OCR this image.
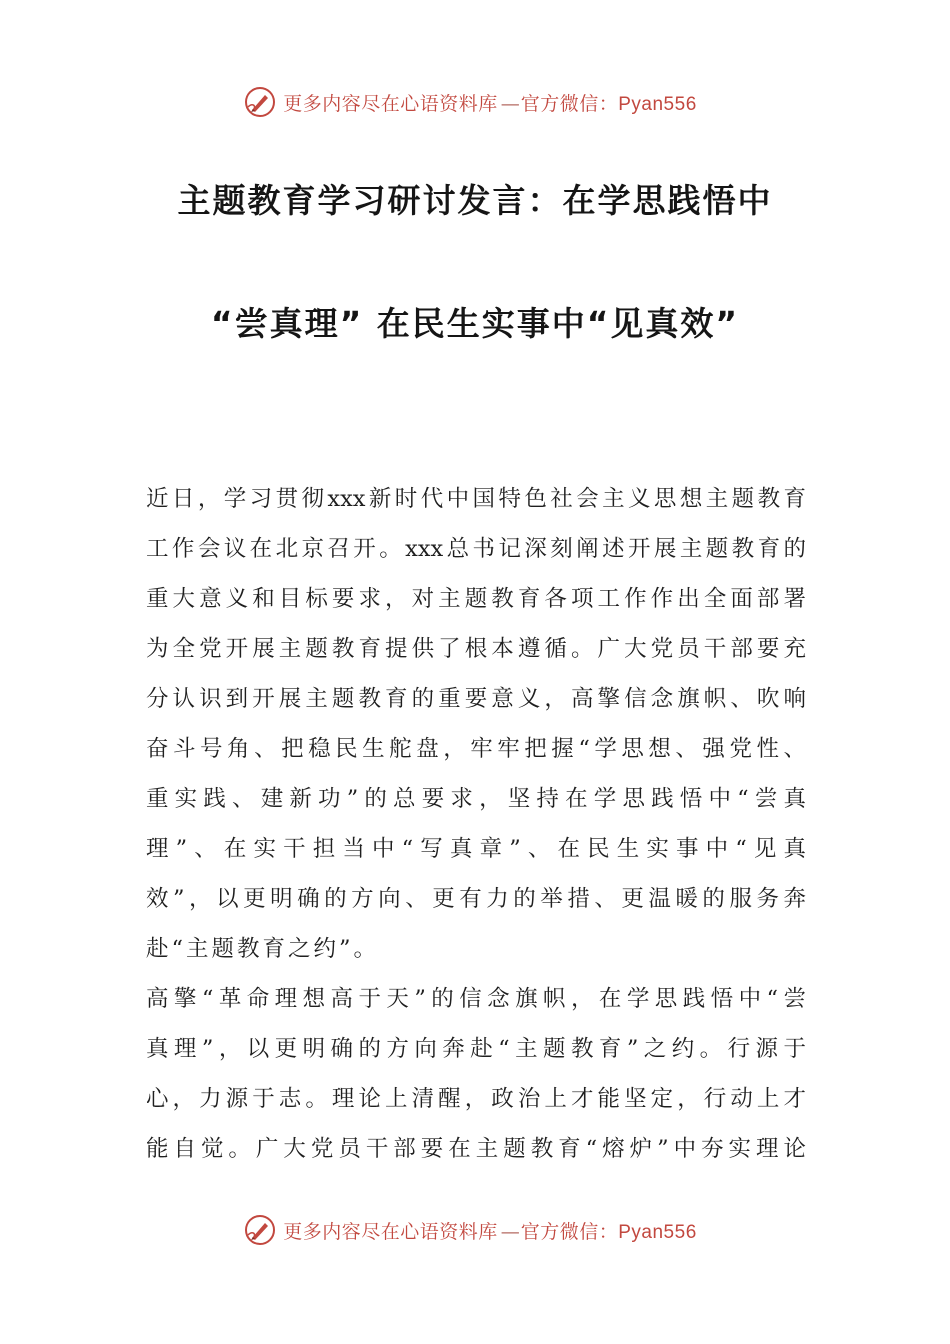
更多内容尽在心语资料库 — 官方微信：Pyan556
主题教育学习研讨发言：在学思践悟中
“尝真理” 在民生实事中“见真效”
近日，学习贯彻xxx新时代中国特色社会主义思想主题教育
工作会议在北京召开。xxx总书记深刻阐述开展主题教育的
重大意义和目标要求，对主题教育各项工作作出全面部署
为全党开展主题教育提供了根本遵循。广大党员干部要充
分认识到开展主题教育的重要意义，高擎信念旗帜、吹响
奋斗号角、把稳民生舵盘，牢牢把握“学思想、强党性、
重实践、建新功”的总要求，坚持在学思践悟中“尝真
理”、在实干担当中“写真章”、在民生实事中“见真
效”，以更明确的方向、更有力的举措、更温暖的服务奔
赴“主题教育之约”。
高擎“革命理想高于天”的信念旗帜，在学思践悟中“尝
真理”，以更明确的方向奔赴“主题教育”之约。行源于
心，力源于志。理论上清醒，政治上才能坚定，行动上才
能自觉。广大党员干部要在主题教育“熔炉”中夯实理论
更多内容尽在心语资料库 — 官方微信：Pyan556
